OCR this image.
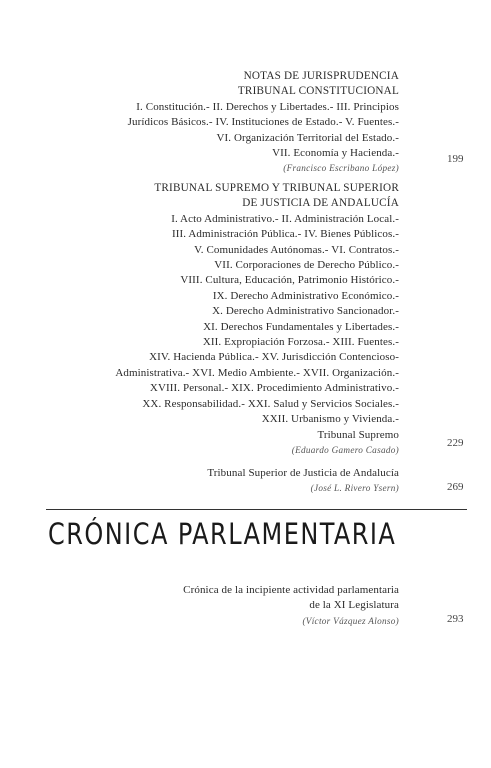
NOTAS DE JURISPRUDENCIA
TRIBUNAL CONSTITUCIONAL
I. Constitución.- II. Derechos y Libertades.- III. Principios
Jurídicos Básicos.- IV. Instituciones de Estado.- V. Fuentes.-
VI. Organización Territorial del Estado.-
VII. Economía y Hacienda.-
(Francisco Escribano López)
199
TRIBUNAL SUPREMO Y TRIBUNAL SUPERIOR
DE JUSTICIA DE ANDALUCÍA
I. Acto Administrativo.- II. Administración Local.-
III. Administración Pública.- IV. Bienes Públicos.-
V. Comunidades Autónomas.- VI. Contratos.-
VII. Corporaciones de Derecho Público.-
VIII. Cultura, Educación, Patrimonio Histórico.-
IX. Derecho Administrativo Económico.-
X. Derecho Administrativo Sancionador.-
XI. Derechos Fundamentales y Libertades.-
XII. Expropiación Forzosa.- XIII. Fuentes.-
XIV. Hacienda Pública.- XV. Jurisdicción Contencioso-
Administrativa.- XVI. Medio Ambiente.- XVII. Organización.-
XVIII. Personal.- XIX. Procedimiento Administrativo.-
XX. Responsabilidad.- XXI. Salud y Servicios Sociales.-
XXII. Urbanismo y Vivienda.-
Tribunal Supremo
(Eduardo Gamero Casado)
229
Tribunal Superior de Justicia de Andalucía
(José L. Rivero Ysern)	269
CRÓNICA PARLAMENTARIA
Crónica de la incipiente actividad parlamentaria
de la XI Legislatura
(Víctor Vázquez Alonso)	293
